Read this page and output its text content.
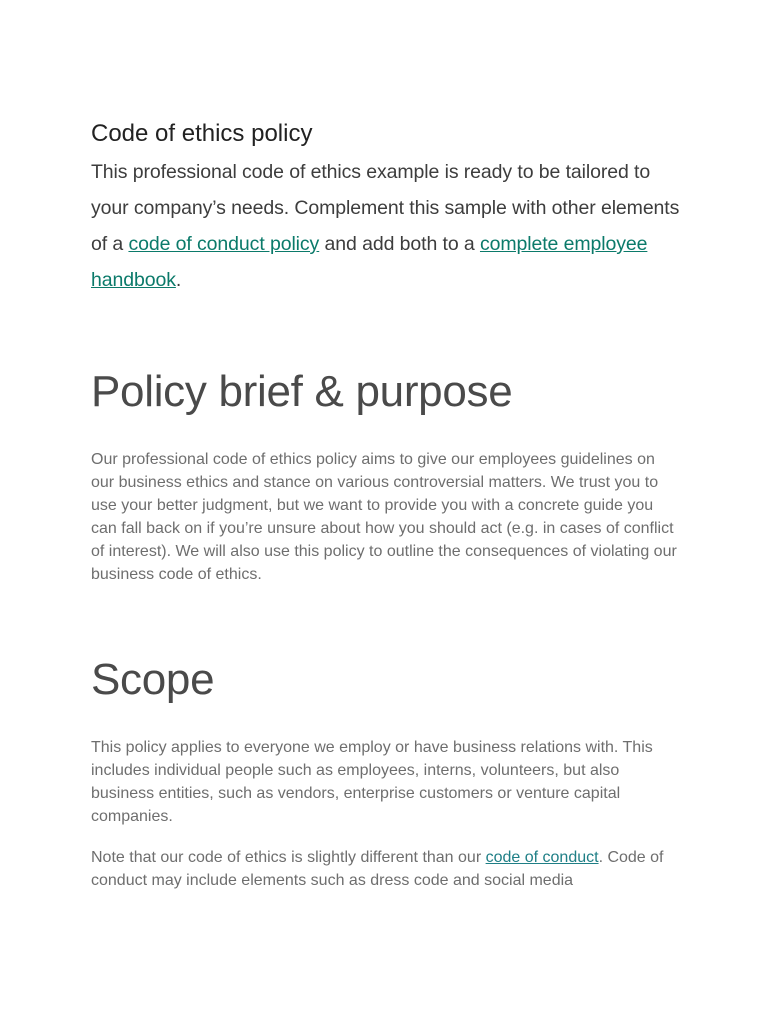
Code of ethics policy

This professional code of ethics example is ready to be tailored to your company’s needs. Complement this sample with other elements of a code of conduct policy and add both to a complete employee handbook.

Policy brief & purpose

Our professional code of ethics policy aims to give our employees guidelines on our business ethics and stance on various controversial matters. We trust you to use your better judgment, but we want to provide you with a concrete guide you can fall back on if you’re unsure about how you should act (e.g. in cases of conflict of interest). We will also use this policy to outline the consequences of violating our business code of ethics.

Scope

This policy applies to everyone we employ or have business relations with. This includes individual people such as employees, interns, volunteers, but also business entities, such as vendors, enterprise customers or venture capital companies.

Note that our code of ethics is slightly different than our code of conduct. Code of conduct may include elements such as dress code and social media
